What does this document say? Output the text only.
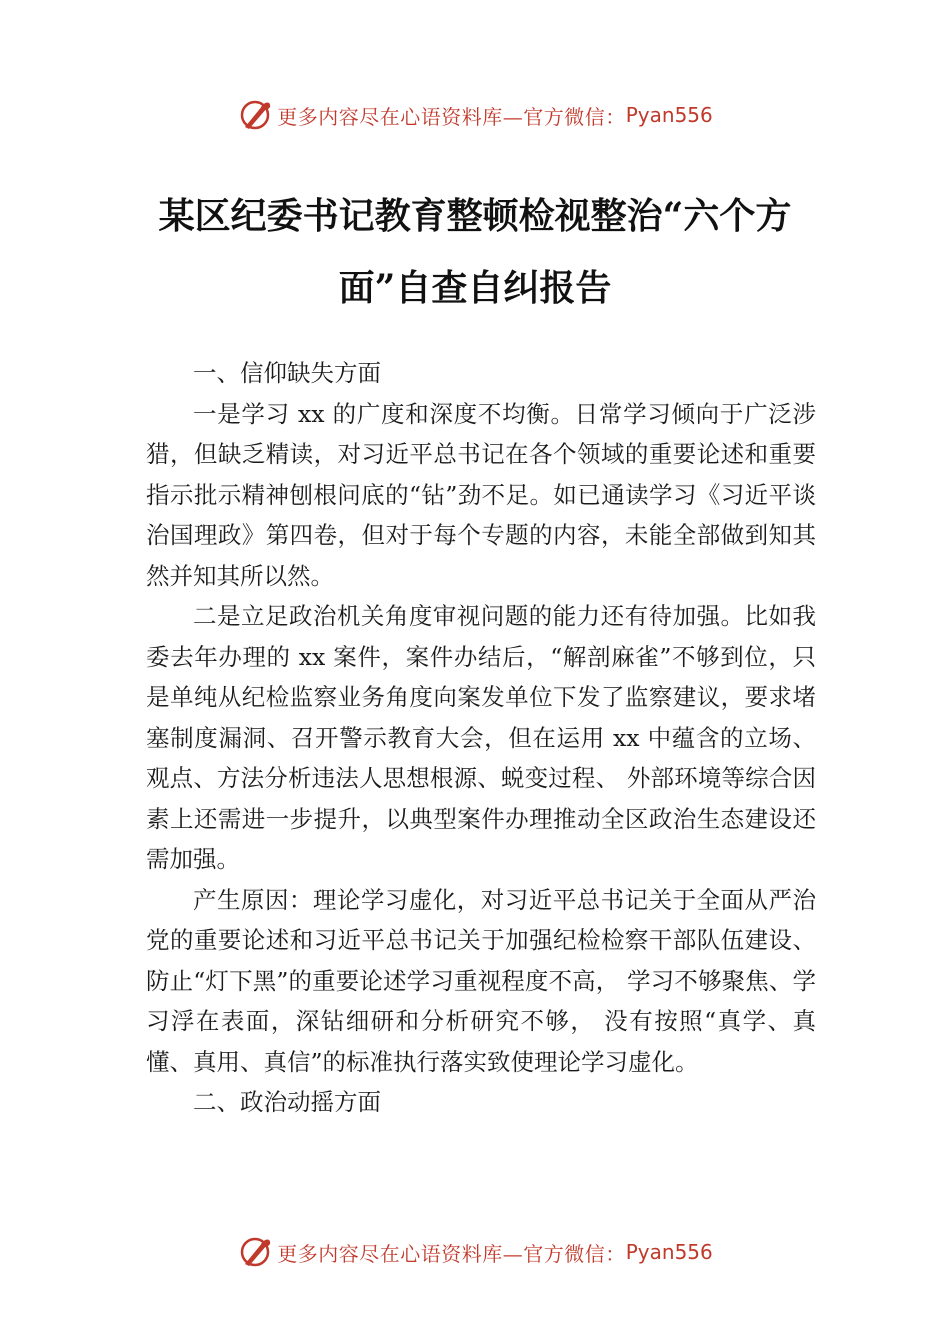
更多内容尽在心语资料库—官方微信： Pyan556
某区纪委书记教育整顿检视整治“六个方
面”自查自纠报告

一、信仰缺失方面

一是学习 xx 的广度和深度不均衡。日常学习倾向于广泛涉猎，但缺乏精读，对习近平总书记在各个领域的重要论述和重要指示批示精神刨根问底的“钻”劲不足。如已通读学习《习近平谈治国理政》第四卷，但对于每个专题的内容，未能全部做到知其然并知其所以然。

二是立足政治机关角度审视问题的能力还有待加强。比如我委去年办理的 xx 案件，案件办结后，“解剖麻雀”不够到位，只是单纯从纪检监察业务角度向案发单位下发了监察建议，要求堵塞制度漏洞、召开警示教育大会，但在运用 xx 中蕴含的立场、观点、方法分析违法人思想根源、蜕变过程、 外部环境等综合因素上还需进一步提升，以典型案件办理推动全区政治生态建设还需加强。

产生原因：理论学习虚化，对习近平总书记关于全面从严治党的重要论述和习近平总书记关于加强纪检检察干部队伍建设、防止“灯下黑”的重要论述学习重视程度不高， 学习不够聚焦、学习浮在表面，深钻细研和分析研究不够， 没有按照“真学、真懂、真用、真信”的标准执行落实致使理论学习虚化。

二、政治动摇方面

更多内容尽在心语资料库—官方微信： Pyan556
